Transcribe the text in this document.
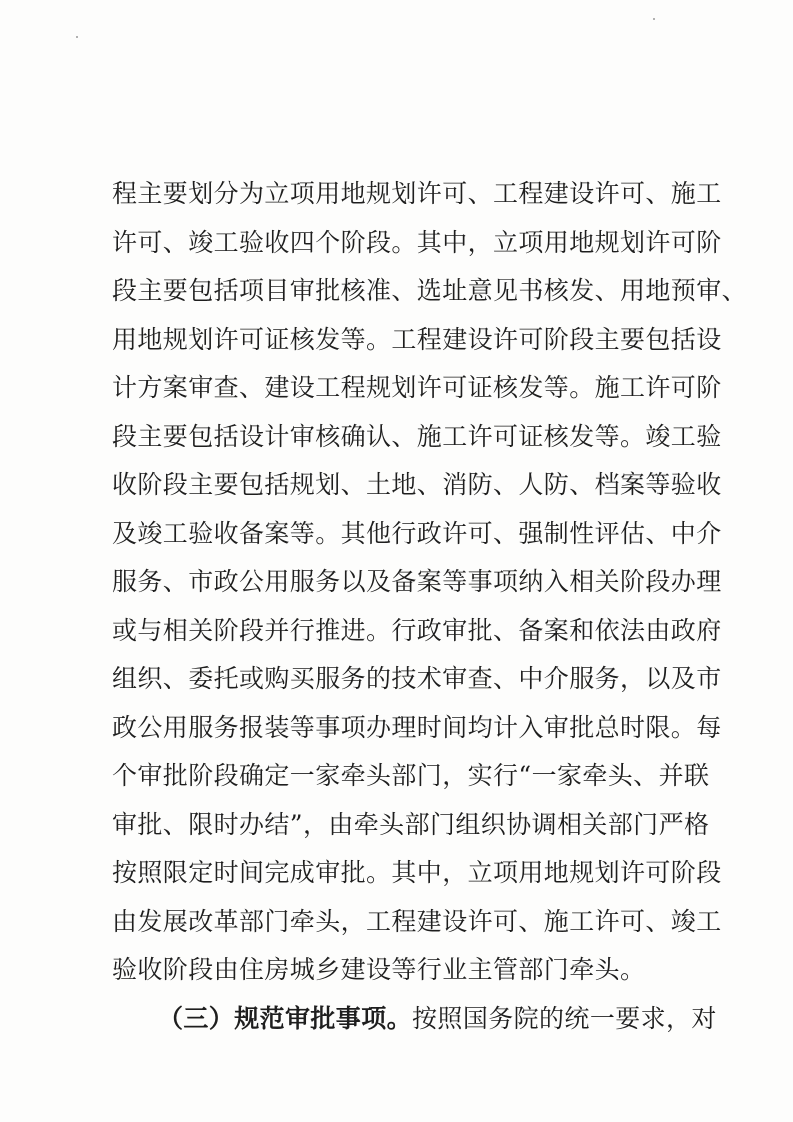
程主要划分为立项用地规划许可、工程建设许可、施工
许可、竣工验收四个阶段。其中，立项用地规划许可阶
段主要包括项目审批核准、选址意见书核发、用地预审、
用地规划许可证核发等。工程建设许可阶段主要包括设
计方案审查、建设工程规划许可证核发等。施工许可阶
段主要包括设计审核确认、施工许可证核发等。竣工验
收阶段主要包括规划、土地、消防、人防、档案等验收
及竣工验收备案等。其他行政许可、强制性评估、中介
服务、市政公用服务以及备案等事项纳入相关阶段办理
或与相关阶段并行推进。行政审批、备案和依法由政府
组织、委托或购买服务的技术审查、中介服务，以及市
政公用服务报装等事项办理时间均计入审批总时限。每
个审批阶段确定一家牵头部门，实行“一家牵头、并联
审批、限时办结”，由牵头部门组织协调相关部门严格
按照限定时间完成审批。其中，立项用地规划许可阶段
由发展改革部门牵头，工程建设许可、施工许可、竣工
验收阶段由住房城乡建设等行业主管部门牵头。
（三）规范审批事项。按照国务院的统一要求，对
